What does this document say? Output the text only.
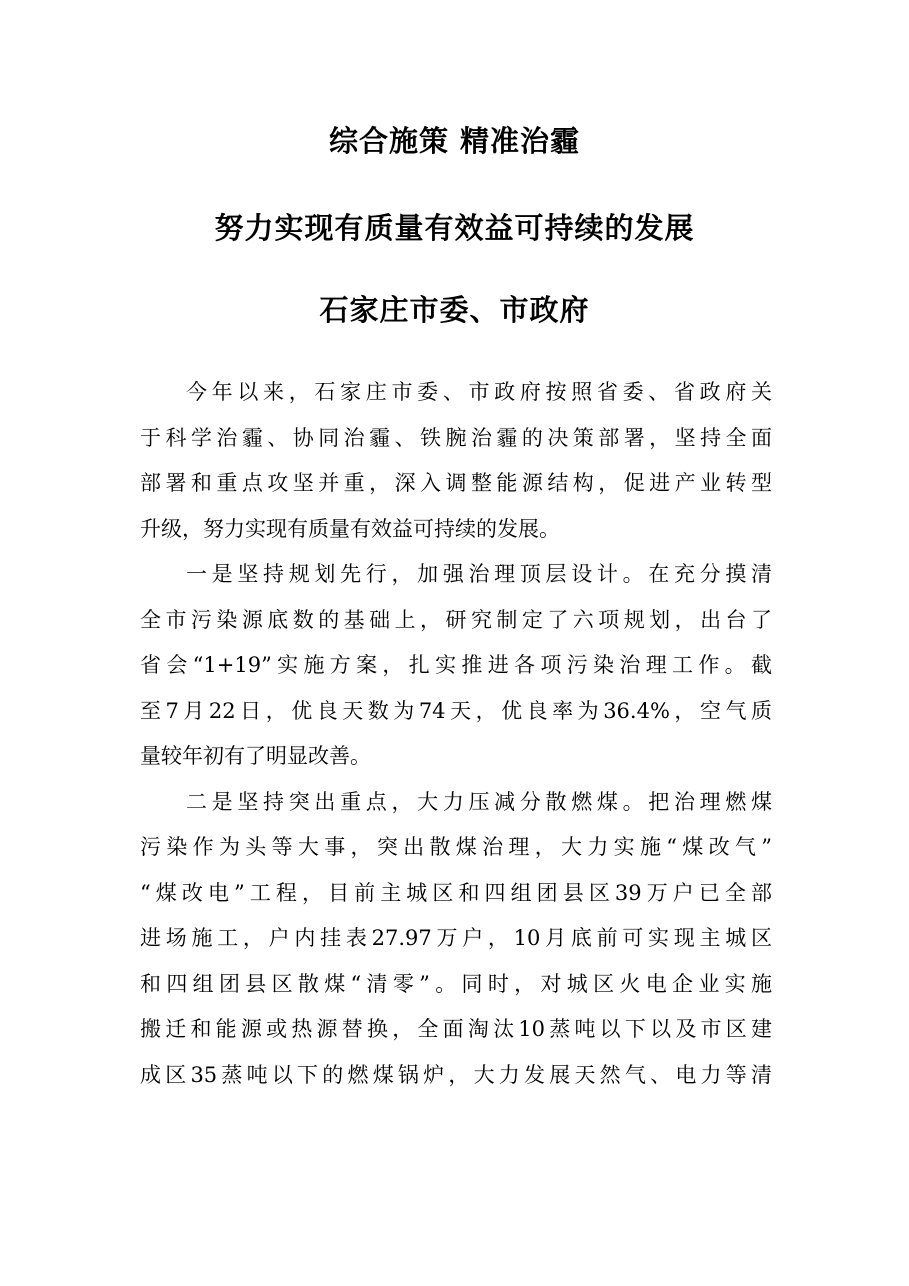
综合施策 精准治霾
努力实现有质量有效益可持续的发展
石家庄市委、市政府
今年以来，石家庄市委、市政府按照省委、省政府关
于科学治霾、协同治霾、铁腕治霾的决策部署，坚持全面
部署和重点攻坚并重，深入调整能源结构，促进产业转型
升级，努力实现有质量有效益可持续的发展。
一是坚持规划先行，加强治理顶层设计。在充分摸清
全市污染源底数的基础上，研究制定了六项规划，出台了
省会“1+19”实施方案，扎实推进各项污染治理工作。截
至7月22日，优良天数为74天，优良率为36.4%，空气质
量较年初有了明显改善。
二是坚持突出重点，大力压减分散燃煤。把治理燃煤
污染作为头等大事，突出散煤治理，大力实施“煤改气”
“煤改电”工程，目前主城区和四组团县区39万户已全部
进场施工，户内挂表27.97万户，10月底前可实现主城区
和四组团县区散煤“清零”。同时，对城区火电企业实施
搬迁和能源或热源替换，全面淘汰10蒸吨以下以及市区建
成区35蒸吨以下的燃煤锅炉，大力发展天然气、电力等清
